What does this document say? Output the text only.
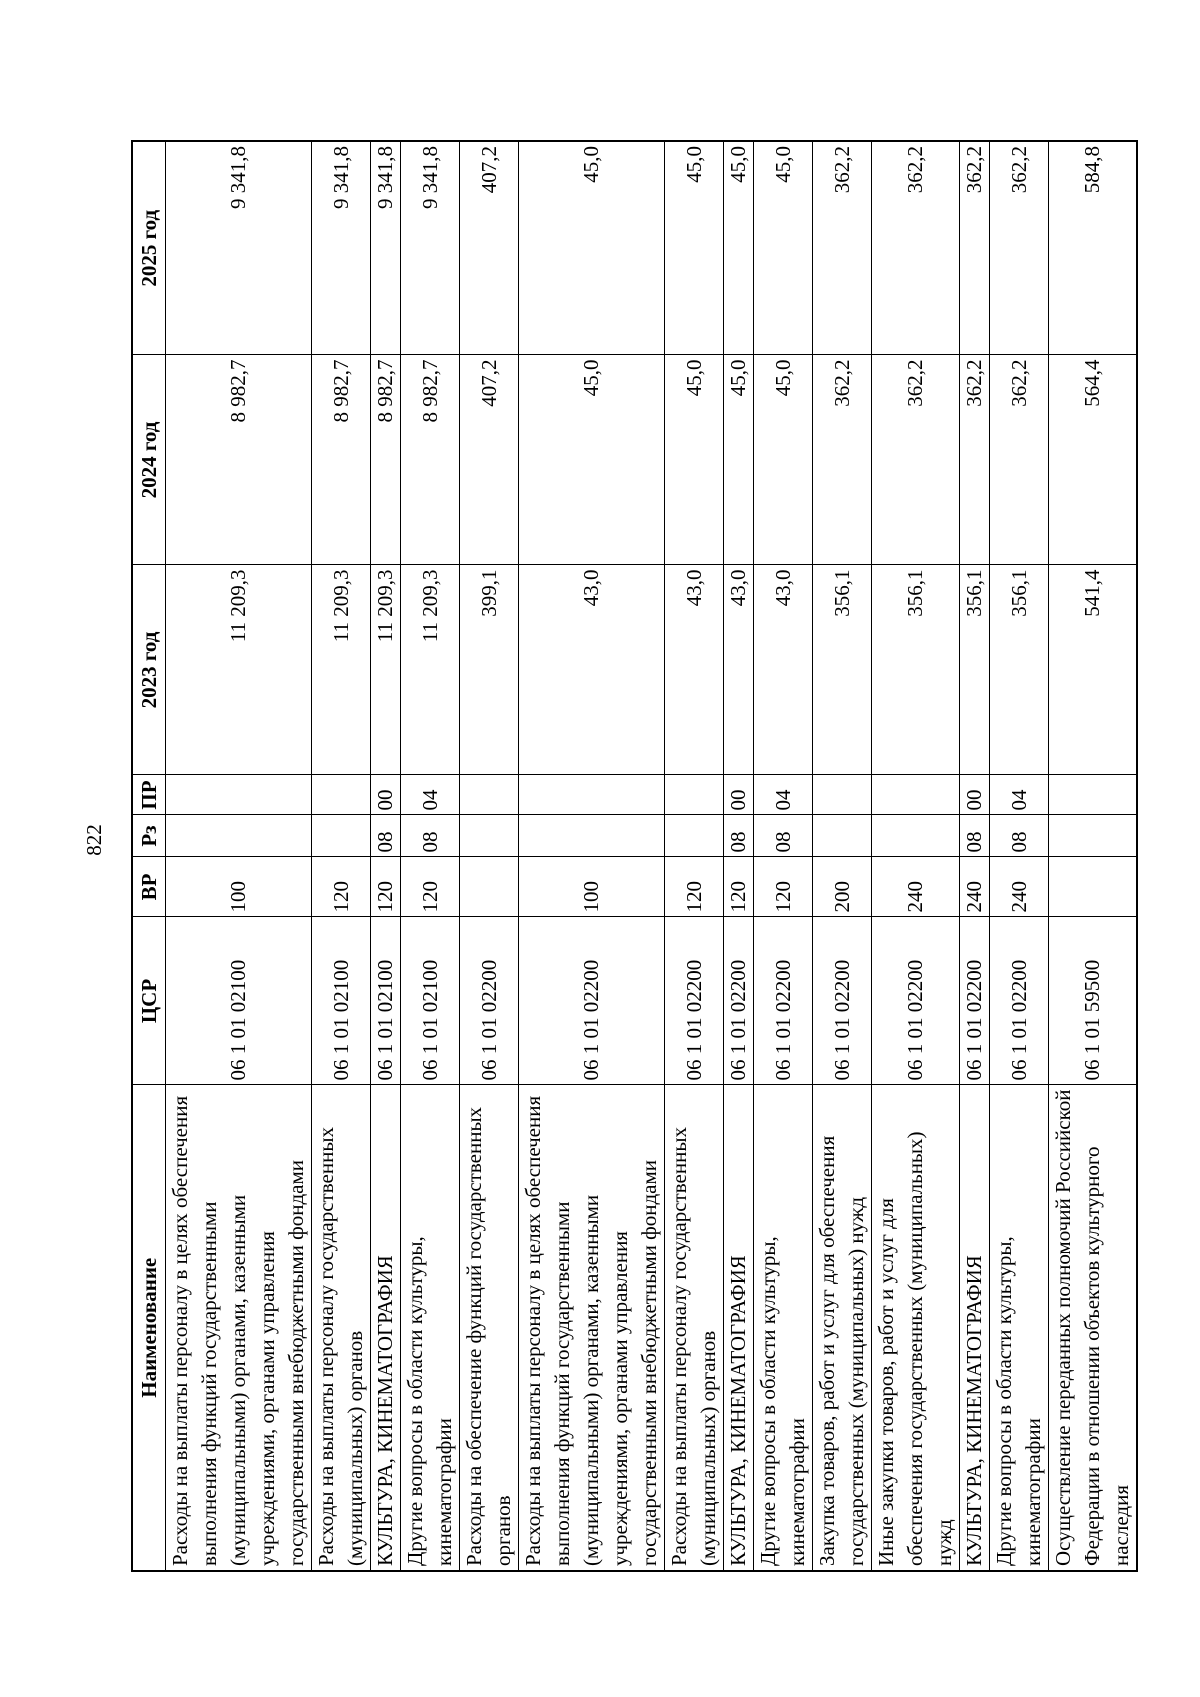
822
Наименование	ЦСР	ВР	Рз	ПР	2023 год	2024 год	2025 год
Расходы на выплаты персоналу в целях обеспечения выполнения функций государственными (муниципальными) органами, казенными учреждениями, органами управления государственными внебюджетными фондами	06 1 01 02100	100			11 209,3	8 982,7	9 341,8
Расходы на выплаты персоналу государственных (муниципальных) органов	06 1 01 02100	120			11 209,3	8 982,7	9 341,8
КУЛЬТУРА, КИНЕМАТОГРАФИЯ	06 1 01 02100	120	08	00	11 209,3	8 982,7	9 341,8
Другие вопросы в области культуры, кинематографии	06 1 01 02100	120	08	04	11 209,3	8 982,7	9 341,8
Расходы на обеспечение функций государственных органов	06 1 01 02200				399,1	407,2	407,2
Расходы на выплаты персоналу в целях обеспечения выполнения функций государственными (муниципальными) органами, казенными учреждениями, органами управления государственными внебюджетными фондами	06 1 01 02200	100			43,0	45,0	45,0
Расходы на выплаты персоналу государственных (муниципальных) органов	06 1 01 02200	120			43,0	45,0	45,0
КУЛЬТУРА, КИНЕМАТОГРАФИЯ	06 1 01 02200	120	08	00	43,0	45,0	45,0
Другие вопросы в области культуры, кинематографии	06 1 01 02200	120	08	04	43,0	45,0	45,0
Закупка товаров, работ и услуг для обеспечения государственных (муниципальных) нужд	06 1 01 02200	200			356,1	362,2	362,2
Иные закупки товаров, работ и услуг для обеспечения государственных (муниципальных) нужд	06 1 01 02200	240			356,1	362,2	362,2
КУЛЬТУРА, КИНЕМАТОГРАФИЯ	06 1 01 02200	240	08	00	356,1	362,2	362,2
Другие вопросы в области культуры, кинематографии	06 1 01 02200	240	08	04	356,1	362,2	362,2
Осуществление переданных полномочий Российской Федерации в отношении объектов культурного наследия	06 1 01 59500				541,4	564,4	584,8
